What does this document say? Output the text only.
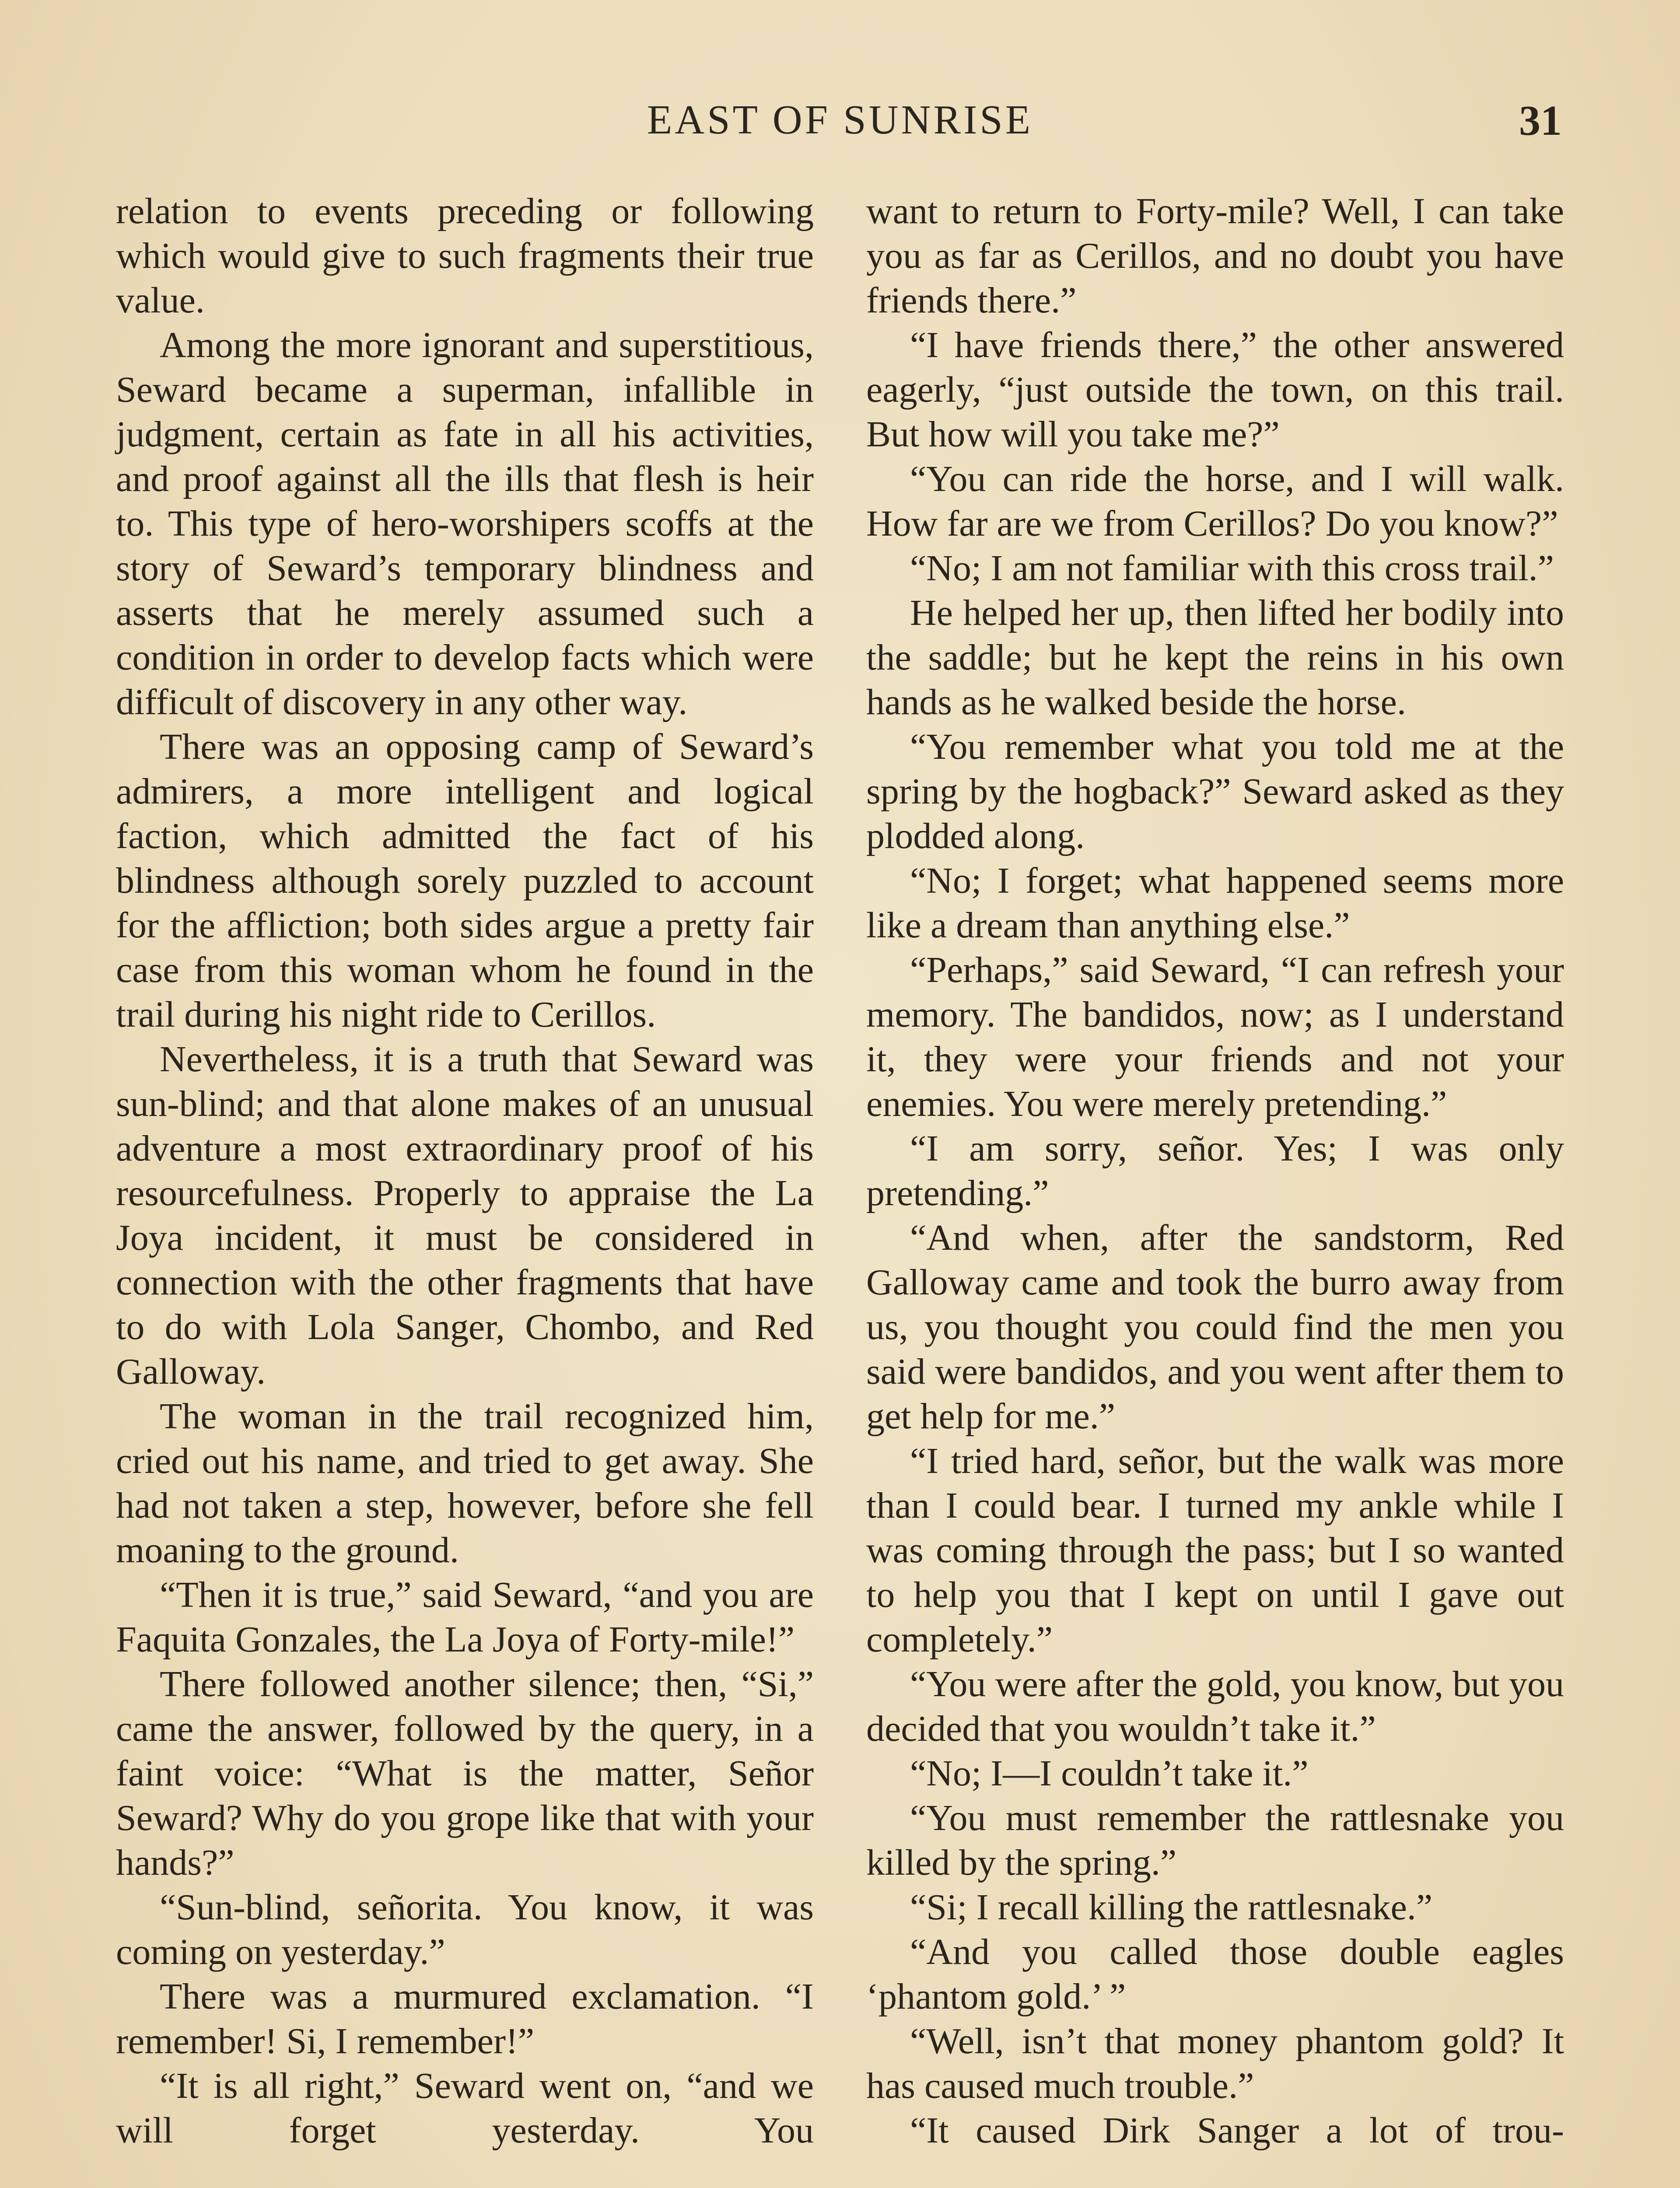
EAST OF SUNRISE	31

relation to events preceding or following which would give to such fragments their true value.

Among the more ignorant and superstitious, Seward became a superman, infallible in judgment, certain as fate in all his activities, and proof against all the ills that flesh is heir to. This type of hero-worshipers scoffs at the story of Seward’s temporary blindness and asserts that he merely assumed such a condition in order to develop facts which were difficult of discovery in any other way.

There was an opposing camp of Seward’s admirers, a more intelligent and logical faction, which admitted the fact of his blindness although sorely puzzled to account for the affliction; both sides argue a pretty fair case from this woman whom he found in the trail during his night ride to Cerillos.

Nevertheless, it is a truth that Seward was sun-blind; and that alone makes of an unusual adventure a most extraordinary proof of his resourcefulness. Properly to appraise the La Joya incident, it must be considered in connection with the other fragments that have to do with Lola Sanger, Chombo, and Red Galloway.

The woman in the trail recognized him, cried out his name, and tried to get away. She had not taken a step, however, before she fell moaning to the ground.

“Then it is true,” said Seward, “and you are Faquita Gonzales, the La Joya of Forty-mile!”

There followed another silence; then, “Si,” came the answer, followed by the query, in a faint voice: “What is the matter, Señor Seward? Why do you grope like that with your hands?”

“Sun-blind, señorita. You know, it was coming on yesterday.”

There was a murmured exclamation. “I remember! Si, I remember!”

“It is all right,” Seward went on, “and we will forget yesterday. You

want to return to Forty-mile? Well, I can take you as far as Cerillos, and no doubt you have friends there.”

“I have friends there,” the other answered eagerly, “just outside the town, on this trail. But how will you take me?”

“You can ride the horse, and I will walk. How far are we from Cerillos? Do you know?”

“No; I am not familiar with this cross trail.”

He helped her up, then lifted her bodily into the saddle; but he kept the reins in his own hands as he walked beside the horse.

“You remember what you told me at the spring by the hogback?” Seward asked as they plodded along.

“No; I forget; what happened seems more like a dream than anything else.”

“Perhaps,” said Seward, “I can refresh your memory. The bandidos, now; as I understand it, they were your friends and not your enemies. You were merely pretending.”

“I am sorry, señor. Yes; I was only pretending.”

“And when, after the sandstorm, Red Galloway came and took the burro away from us, you thought you could find the men you said were bandidos, and you went after them to get help for me.”

“I tried hard, señor, but the walk was more than I could bear. I turned my ankle while I was coming through the pass; but I so wanted to help you that I kept on until I gave out completely.”

“You were after the gold, you know, but you decided that you wouldn’t take it.”

“No; I—I couldn’t take it.”

“You must remember the rattlesnake you killed by the spring.”

“Si; I recall killing the rattlesnake.”

“And you called those double eagles ‘phantom gold.’ ”

“Well, isn’t that money phantom gold? It has caused much trouble.”

“It caused Dirk Sanger a lot of trou-
